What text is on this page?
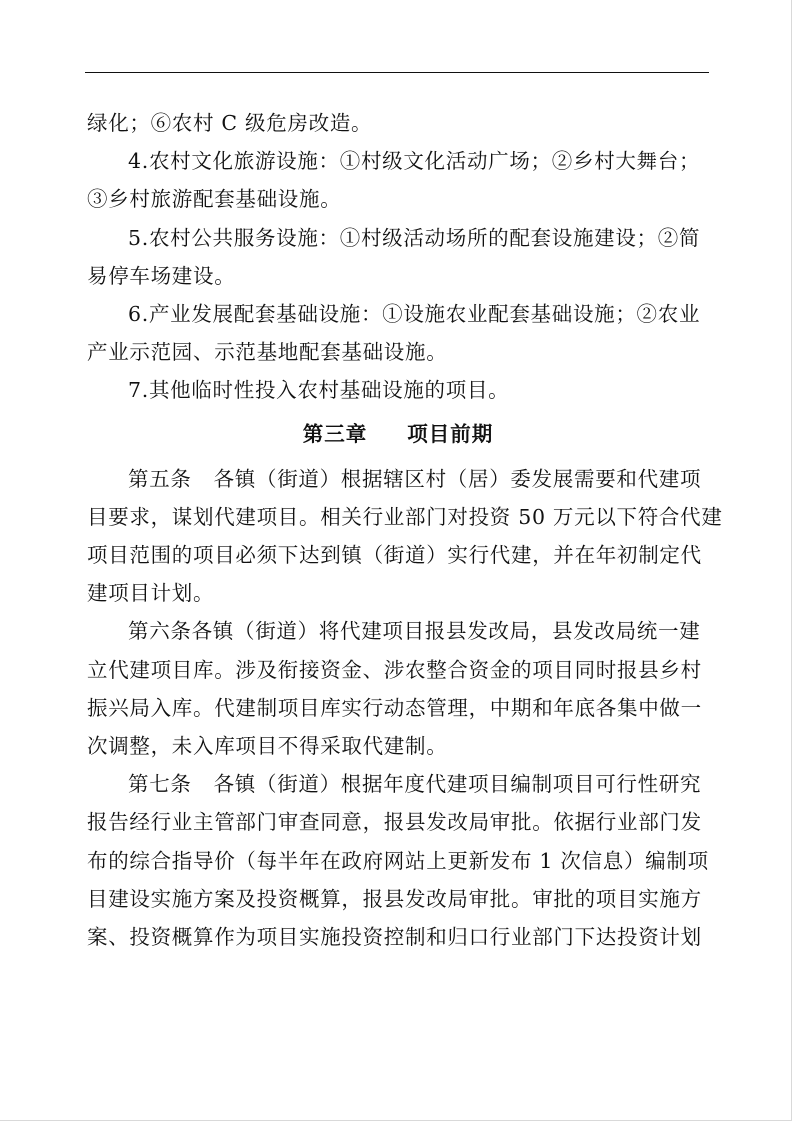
绿化；⑥农村 C 级危房改造。

4.农村文化旅游设施：①村级文化活动广场；②乡村大舞台；
③乡村旅游配套基础设施。

5.农村公共服务设施：①村级活动场所的配套设施建设；②简
易停车场建设。

6.产业发展配套基础设施：①设施农业配套基础设施；②农业
产业示范园、示范基地配套基础设施。

7.其他临时性投入农村基础设施的项目。

第三章 项目前期

第五条 各镇（街道）根据辖区村（居）委发展需要和代建项
目要求，谋划代建项目。相关行业部门对投资 50 万元以下符合代建
项目范围的项目必须下达到镇（街道）实行代建，并在年初制定代
建项目计划。

第六条各镇（街道）将代建项目报县发改局，县发改局统一建
立代建项目库。涉及衔接资金、涉农整合资金的项目同时报县乡村
振兴局入库。代建制项目库实行动态管理，中期和年底各集中做一
次调整，未入库项目不得采取代建制。

第七条 各镇（街道）根据年度代建项目编制项目可行性研究
报告经行业主管部门审查同意，报县发改局审批。依据行业部门发
布的综合指导价（每半年在政府网站上更新发布 1 次信息）编制项
目建设实施方案及投资概算，报县发改局审批。审批的项目实施方
案、投资概算作为项目实施投资控制和归口行业部门下达投资计划
